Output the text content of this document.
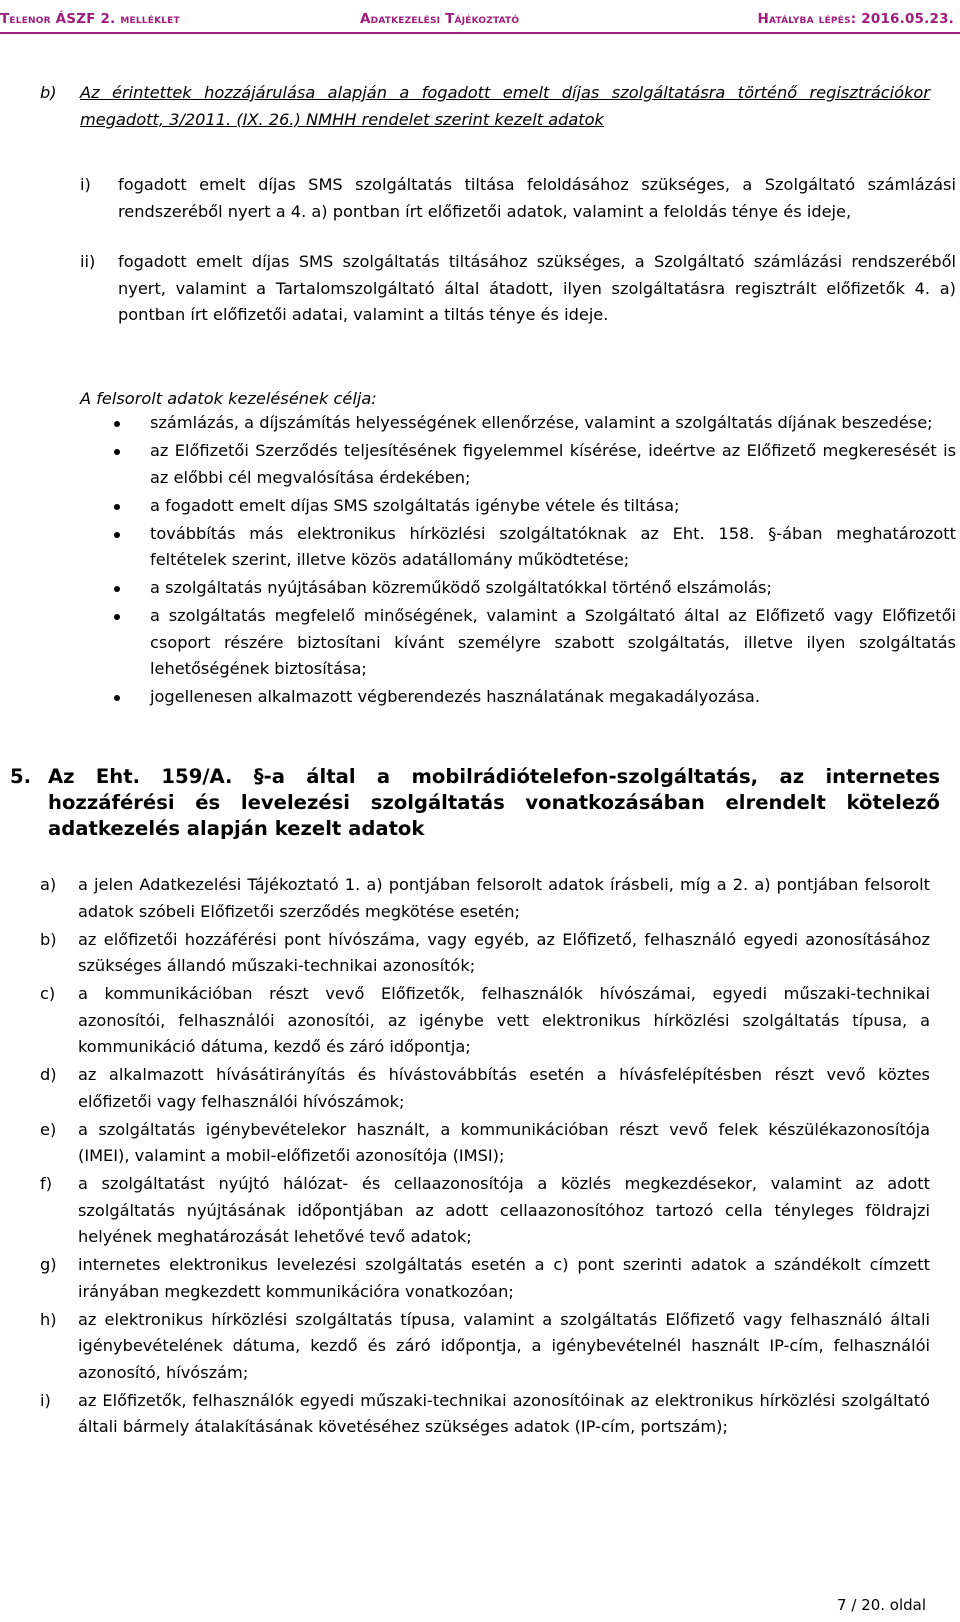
Telenor ÁSZF 2. melléklet	Adatkezelési Tájékoztató	Hatályba lépés: 2016.05.23.
b) Az érintettek hozzájárulása alapján a fogadott emelt díjas szolgáltatásra történő regisztrációkor megadott, 3/2011. (IX. 26.) NMHH rendelet szerint kezelt adatok
i) fogadott emelt díjas SMS szolgáltatás tiltása feloldásához szükséges, a Szolgáltató számlázási rendszeréből nyert a 4. a) pontban írt előfizetői adatok, valamint a feloldás ténye és ideje,
ii) fogadott emelt díjas SMS szolgáltatás tiltásához szükséges, a Szolgáltató számlázási rendszeréből nyert, valamint a Tartalomszolgáltató által átadott, ilyen szolgáltatásra regisztrált előfizetők 4. a) pontban írt előfizetői adatai, valamint a tiltás ténye és ideje.
A felsorolt adatok kezelésének célja:
számlázás, a díjszámítás helyességének ellenőrzése, valamint a szolgáltatás díjának beszedése;
az Előfizetői Szerződés teljesítésének figyelemmel kísérése, ideértve az Előfizető megkeresését is az előbbi cél megvalósítása érdekében;
a fogadott emelt díjas SMS szolgáltatás igénybe vétele és tiltása;
továbbítás más elektronikus hírközlési szolgáltatóknak az Eht. 158. §-ában meghatározott feltételek szerint, illetve közös adatállomány működtetése;
a szolgáltatás nyújtásában közreműködő szolgáltatókkal történő elszámolás;
a szolgáltatás megfelelő minőségének, valamint a Szolgáltató által az Előfizető vagy Előfizetői csoport részére biztosítani kívánt személyre szabott szolgáltatás, illetve ilyen szolgáltatás lehetőségének biztosítása;
jogellenesen alkalmazott végberendezés használatának megakadályozása.
5. Az Eht. 159/A. §-a által a mobilrádiótelefon-szolgáltatás, az internetes hozzáférési és levelezési szolgáltatás vonatkozásában elrendelt kötelező adatkezelés alapján kezelt adatok
a) a jelen Adatkezelési Tájékoztató 1. a) pontjában felsorolt adatok írásbeli, míg a 2. a) pontjában felsorolt adatok szóbeli Előfizetői szerződés megkötése esetén;
b) az előfizetői hozzáférési pont hívószáma, vagy egyéb, az Előfizető, felhasználó egyedi azonosításához szükséges állandó műszaki-technikai azonosítók;
c) a kommunikációban részt vevő Előfizetők, felhasználók hívószámai, egyedi műszaki-technikai azonosítói, felhasználói azonosítói, az igénybe vett elektronikus hírközlési szolgáltatás típusa, a kommunikáció dátuma, kezdő és záró időpontja;
d) az alkalmazott hívásátirányítás és hívástovábbítás esetén a hívásfelépítésben részt vevő köztes előfizetői vagy felhasználói hívószámok;
e) a szolgáltatás igénybevételekor használt, a kommunikációban részt vevő felek készülékazonosítója (IMEI), valamint a mobil-előfizetői azonosítója (IMSI);
f) a szolgáltatást nyújtó hálózat- és cellaazonosítója a közlés megkezdésekor, valamint az adott szolgáltatás nyújtásának időpontjában az adott cellaazonosítóhoz tartozó cella tényleges földrajzi helyének meghatározását lehetővé tevő adatok;
g) internetes elektronikus levelezési szolgáltatás esetén a c) pont szerinti adatok a szándékolt címzett irányában megkezdett kommunikációra vonatkozóan;
h) az elektronikus hírközlési szolgáltatás típusa, valamint a szolgáltatás Előfizető vagy felhasználó általi igénybevételének dátuma, kezdő és záró időpontja, a igénybevételnél használt IP-cím, felhasználói azonosító, hívószám;
i) az Előfizetők, felhasználók egyedi műszaki-technikai azonosítóinak az elektronikus hírközlési szolgáltató általi bármely átalakításának követéséhez szükséges adatok (IP-cím, portszám);
7 / 20. oldal
